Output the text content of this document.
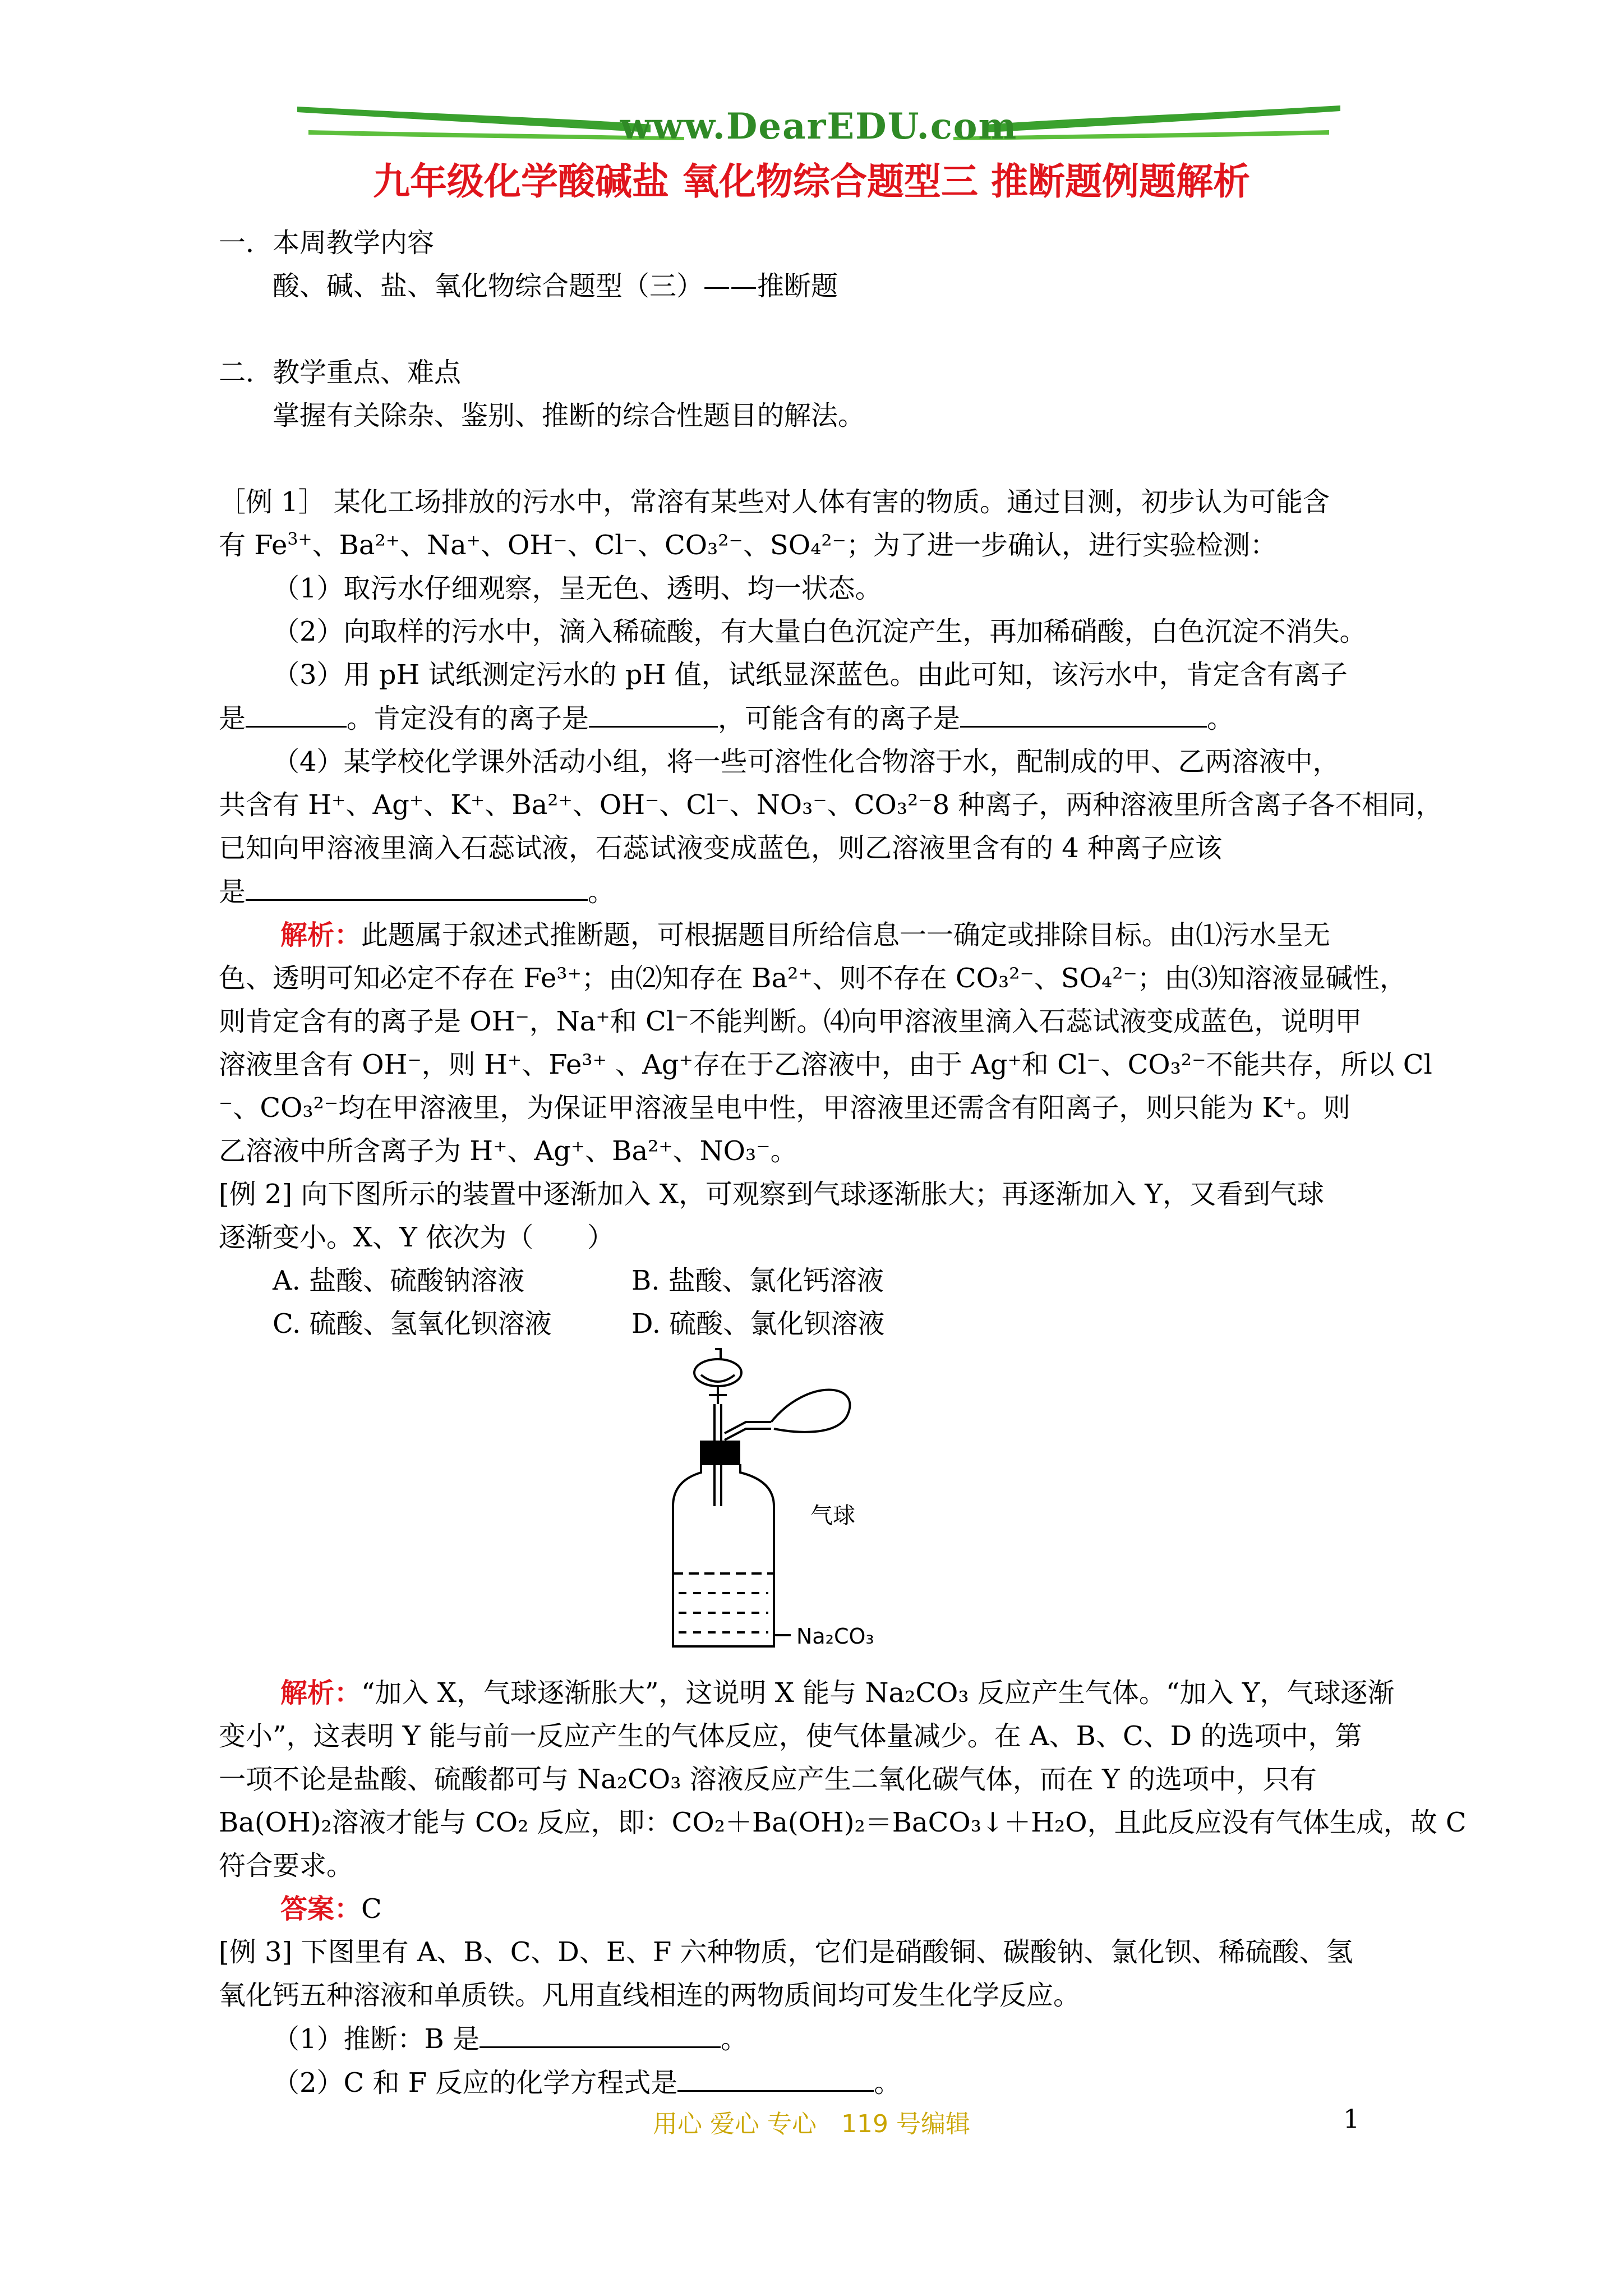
www.DearEDU.com
九年级化学酸碱盐 氧化物综合题型三 推断题例题解析
一．本周教学内容
酸、碱、盐、氧化物综合题型（三）——推断题
二．教学重点、难点
掌握有关除杂、鉴别、推断的综合性题目的解法。
［例 1］ 某化工场排放的污水中，常溶有某些对人体有害的物质。通过目测，初步认为可能含
有 $Fe^{3+}$、Ba²⁺、Na⁺、OH⁻、Cl⁻、CO₃²⁻、SO₄²⁻；为了进一步确认，进行实验检测：
（1）取污水仔细观察，呈无色、透明、均一状态。
（2）向取样的污水中，滴入稀硫酸，有大量白色沉淀产生，再加稀硝酸，白色沉淀不消失。
（3）用 pH 试纸测定污水的 pH 值，试纸显深蓝色。由此可知，该污水中，肯定含有离子
是	。肯定没有的离子是	，可能含有的离子是	。
（4）某学校化学课外活动小组，将一些可溶性化合物溶于水，配制成的甲、乙两溶液中，
共含有 H⁺、Ag⁺、K⁺、Ba²⁺、OH⁻、Cl⁻、NO₃⁻、CO₃²⁻8 种离子，两种溶液里所含离子各不相同，
已知向甲溶液里滴入石蕊试液，石蕊试液变成蓝色，则乙溶液里含有的 4 种离子应该
是	。
解析：此题属于叙述式推断题，可根据题目所给信息一一确定或排除目标。由⑴污水呈无
色、透明可知必定不存在 Fe³⁺；由⑵知存在 Ba²⁺、则不存在 CO₃²⁻、SO₄²⁻；由⑶知溶液显碱性，
则肯定含有的离子是 OH⁻，Na⁺和 Cl⁻不能判断。⑷向甲溶液里滴入石蕊试液变成蓝色，说明甲
溶液里含有 OH⁻，则 H⁺、Fe³⁺ 、Ag⁺存在于乙溶液中，由于 Ag⁺和 Cl⁻、CO₃²⁻不能共存，所以 Cl
⁻、CO₃²⁻均在甲溶液里，为保证甲溶液呈电中性，甲溶液里还需含有阳离子，则只能为 K⁺。则
乙溶液中所含离子为 H⁺、Ag⁺、Ba²⁺、NO₃⁻。
[例 2] 向下图所示的装置中逐渐加入 X，可观察到气球逐渐胀大；再逐渐加入 Y，又看到气球
逐渐变小。X、Y 依次为（　　）
A. 盐酸、硫酸钠溶液	B. 盐酸、氯化钙溶液
C. 硫酸、氢氧化钡溶液	D. 硫酸、氯化钡溶液
气球
Na₂CO₃
解析：“加入 X，气球逐渐胀大”，这说明 X 能与 Na₂CO₃ 反应产生气体。“加入 Y，气球逐渐
变小”，这表明 Y 能与前一反应产生的气体反应，使气体量减少。在 A、B、C、D 的选项中，第
一项不论是盐酸、硫酸都可与 Na₂CO₃ 溶液反应产生二氧化碳气体，而在 Y 的选项中，只有
Ba(OH)₂溶液才能与 CO₂ 反应，即：CO₂＋Ba(OH)₂＝BaCO₃↓＋H₂O，且此反应没有气体生成，故 C
符合要求。
答案：C
[例 3] 下图里有 A、B、C、D、E、F 六种物质，它们是硝酸铜、碳酸钠、氯化钡、稀硫酸、氢
氧化钙五种溶液和单质铁。凡用直线相连的两物质间均可发生化学反应。
（1）推断：B 是	。
（2）C 和 F 反应的化学方程式是	。
用心 爱心 专心　119 号编辑	1
